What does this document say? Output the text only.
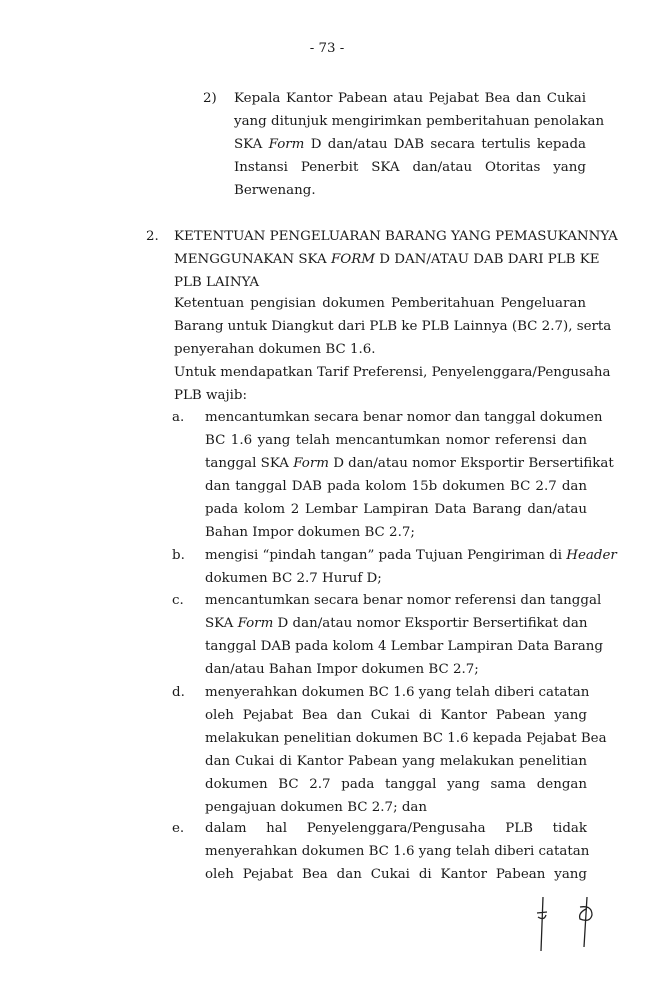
- 73 -
2) Kepala Kantor Pabean atau Pejabat Bea dan Cukai
yang ditunjuk mengirimkan pemberitahuan penolakan
SKA Form D dan/atau DAB secara tertulis kepada
Instansi Penerbit SKA dan/atau Otoritas yang
Berwenang.
2. KETENTUAN PENGELUARAN BARANG YANG PEMASUKANNYA
MENGGUNAKAN SKA FORM D DAN/ATAU DAB DARI PLB KE
PLB LAINYA
Ketentuan pengisian dokumen Pemberitahuan Pengeluaran
Barang untuk Diangkut dari PLB ke PLB Lainnya (BC 2.7), serta
penyerahan dokumen BC 1.6.
Untuk mendapatkan Tarif Preferensi, Penyelenggara/Pengusaha
PLB wajib:
a. mencantumkan secara benar nomor dan tanggal dokumen
BC 1.6 yang telah mencantumkan nomor referensi dan
tanggal SKA Form D dan/atau nomor Eksportir Bersertifikat
dan tanggal DAB pada kolom 15b dokumen BC 2.7 dan
pada kolom 2 Lembar Lampiran Data Barang dan/atau
Bahan Impor dokumen BC 2.7;
b. mengisi “pindah tangan” pada Tujuan Pengiriman di Header
dokumen BC 2.7 Huruf D;
c. mencantumkan secara benar nomor referensi dan tanggal
SKA Form D dan/atau nomor Eksportir Bersertifikat dan
tanggal DAB pada kolom 4 Lembar Lampiran Data Barang
dan/atau Bahan Impor dokumen BC 2.7;
d. menyerahkan dokumen BC 1.6 yang telah diberi catatan
oleh Pejabat Bea dan Cukai di Kantor Pabean yang
melakukan penelitian dokumen BC 1.6 kepada Pejabat Bea
dan Cukai di Kantor Pabean yang melakukan penelitian
dokumen BC 2.7 pada tanggal yang sama dengan
pengajuan dokumen BC 2.7; dan
e. dalam hal Penyelenggara/Pengusaha PLB tidak
menyerahkan dokumen BC 1.6 yang telah diberi catatan
oleh Pejabat Bea dan Cukai di Kantor Pabean yang
